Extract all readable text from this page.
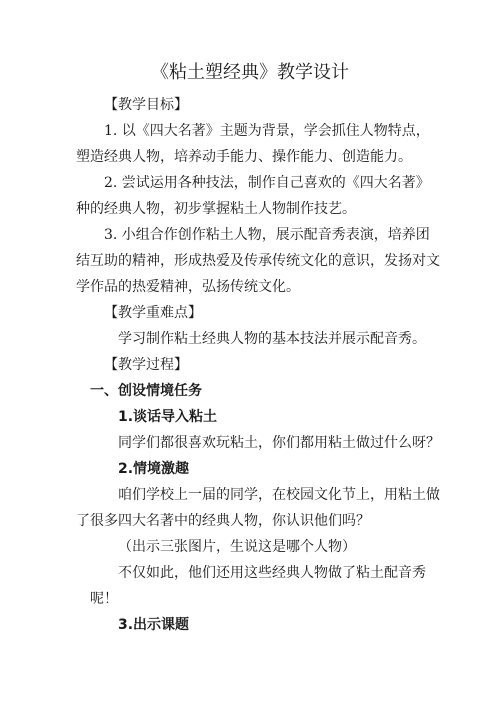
《粘土塑经典》教学设计
【教学目标】
1. 以《四大名著》主题为背景，学会抓住人物特点，
塑造经典人物，培养动手能力、操作能力、创造能力。
2. 尝试运用各种技法，制作自己喜欢的《四大名著》
种的经典人物，初步掌握粘土人物制作技艺。
3. 小组合作创作粘土人物，展示配音秀表演，培养团
结互助的精神，形成热爱及传承传统文化的意识，发扬对文
学作品的热爱精神，弘扬传统文化。
【教学重难点】
学习制作粘土经典人物的基本技法并展示配音秀。
【教学过程】
一、创设情境任务
1.谈话导入粘土
同学们都很喜欢玩粘土，你们都用粘土做过什么呀？
2.情境激趣
咱们学校上一届的同学，在校园文化节上，用粘土做
了很多四大名著中的经典人物，你认识他们吗？
（出示三张图片，生说这是哪个人物）
不仅如此，他们还用这些经典人物做了粘土配音秀
呢！
3.出示课题
